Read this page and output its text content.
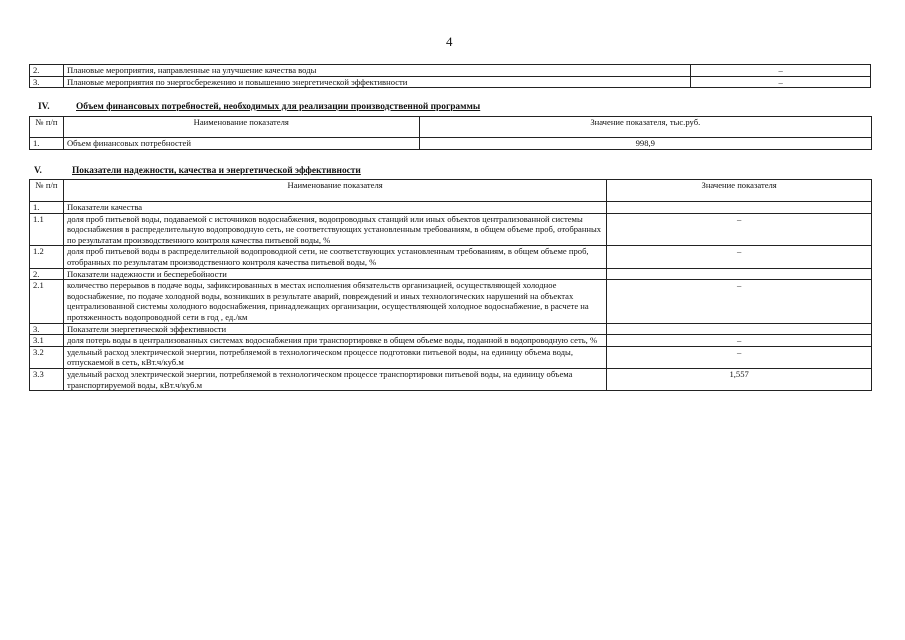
4
2.	Плановые мероприятия, направленные на улучшение качества воды	–
3.	Плановые мероприятия по энергосбережению и повышению энергетической эффективности	–
IV.	Объем финансовых потребностей, необходимых для реализации производственной программы
№ п/п	Наименование показателя	Значение показателя, тыс.руб.
1.	Объем финансовых потребностей	998,9
V.	Показатели надежности, качества и энергетической эффективности
№ п/п	Наименование показателя	Значение показателя
1.	Показатели качества	
1.1	доля проб питьевой воды, подаваемой с источников водоснабжения, водопроводных станций или иных объектов централизованной системы водоснабжения в распределительную водопроводную сеть, не соответствующих установленным требованиям, в общем объеме проб, отобранных по результатам производственного контроля качества питьевой воды, %	–
1.2	доля проб питьевой воды в распределительной водопроводной сети, не соответствующих установленным требованиям, в общем объеме проб, отобранных по результатам производственного контроля качества питьевой воды, %	–
2.	Показатели надежности и бесперебойности	
2.1	количество перерывов в подаче воды, зафиксированных в местах исполнения обязательств организацией, осуществляющей холодное водоснабжение, по подаче холодной воды, возникших в результате аварий, повреждений и иных технологических нарушений на объектах централизованной системы холодного водоснабжения, принадлежащих организации, осуществляющей холодное водоснабжение, в расчете на протяженность водопроводной сети в год , ед./км	–
3.	Показатели энергетической эффективности	
3.1	доля потерь воды в централизованных системах водоснабжения при транспортировке в общем объеме воды, поданной в водопроводную сеть, %	–
3.2	удельный расход электрической энергии, потребляемой в технологическом процессе подготовки питьевой воды, на единицу объема воды, отпускаемой в сеть, кВт.ч/куб.м	–
3.3	удельный расход электрической энергии, потребляемой в технологическом процессе транспортировки питьевой воды, на единицу объема транспортируемой воды, кВт.ч/куб.м	1,557
